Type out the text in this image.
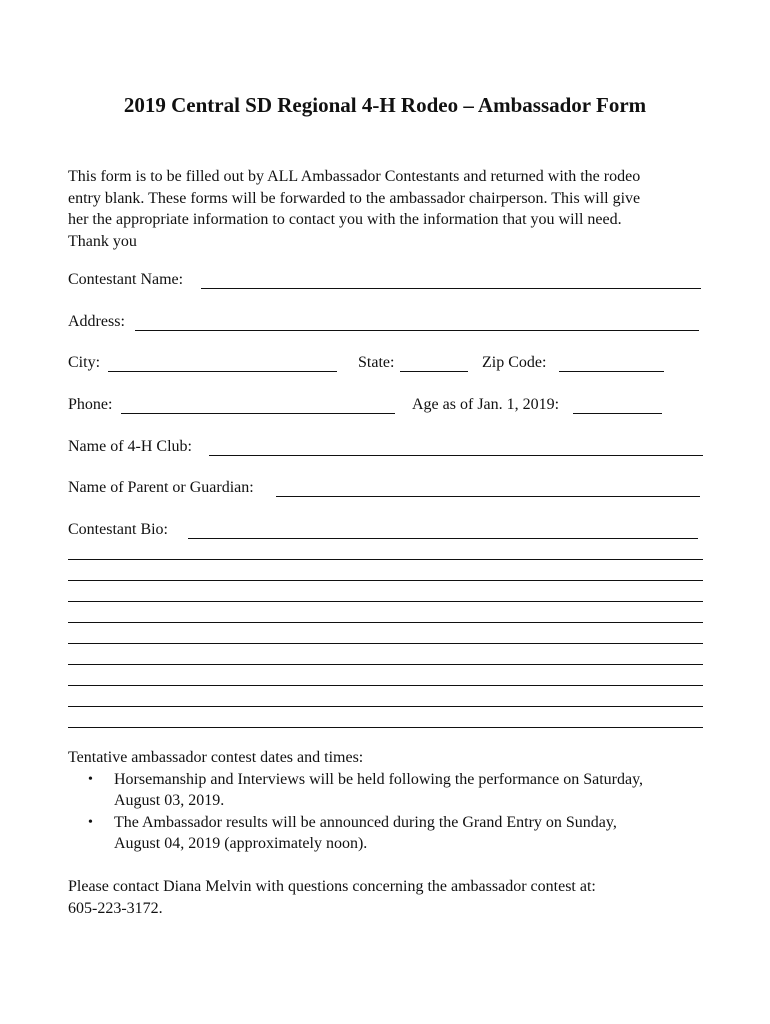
2019 Central SD Regional 4-H Rodeo – Ambassador Form

This form is to be filled out by ALL Ambassador Contestants and returned with the rodeo

entry blank. These forms will be forwarded to the ambassador chairperson. This will give

her the appropriate information to contact you with the information that you will need.

Thank you

Contestant Name:
Address:
City:	State:	Zip Code:
Phone:	Age as of Jan. 1, 2019:
Name of 4-H Club:
Name of Parent or Guardian:
Contestant Bio:

Tentative ambassador contest dates and times:

• Horsemanship and Interviews will be held following the performance on Saturday,
August 03, 2019.
• The Ambassador results will be announced during the Grand Entry on Sunday,
August 04, 2019 (approximately noon).

Please contact Diana Melvin with questions concerning the ambassador contest at:

605-223-3172.
